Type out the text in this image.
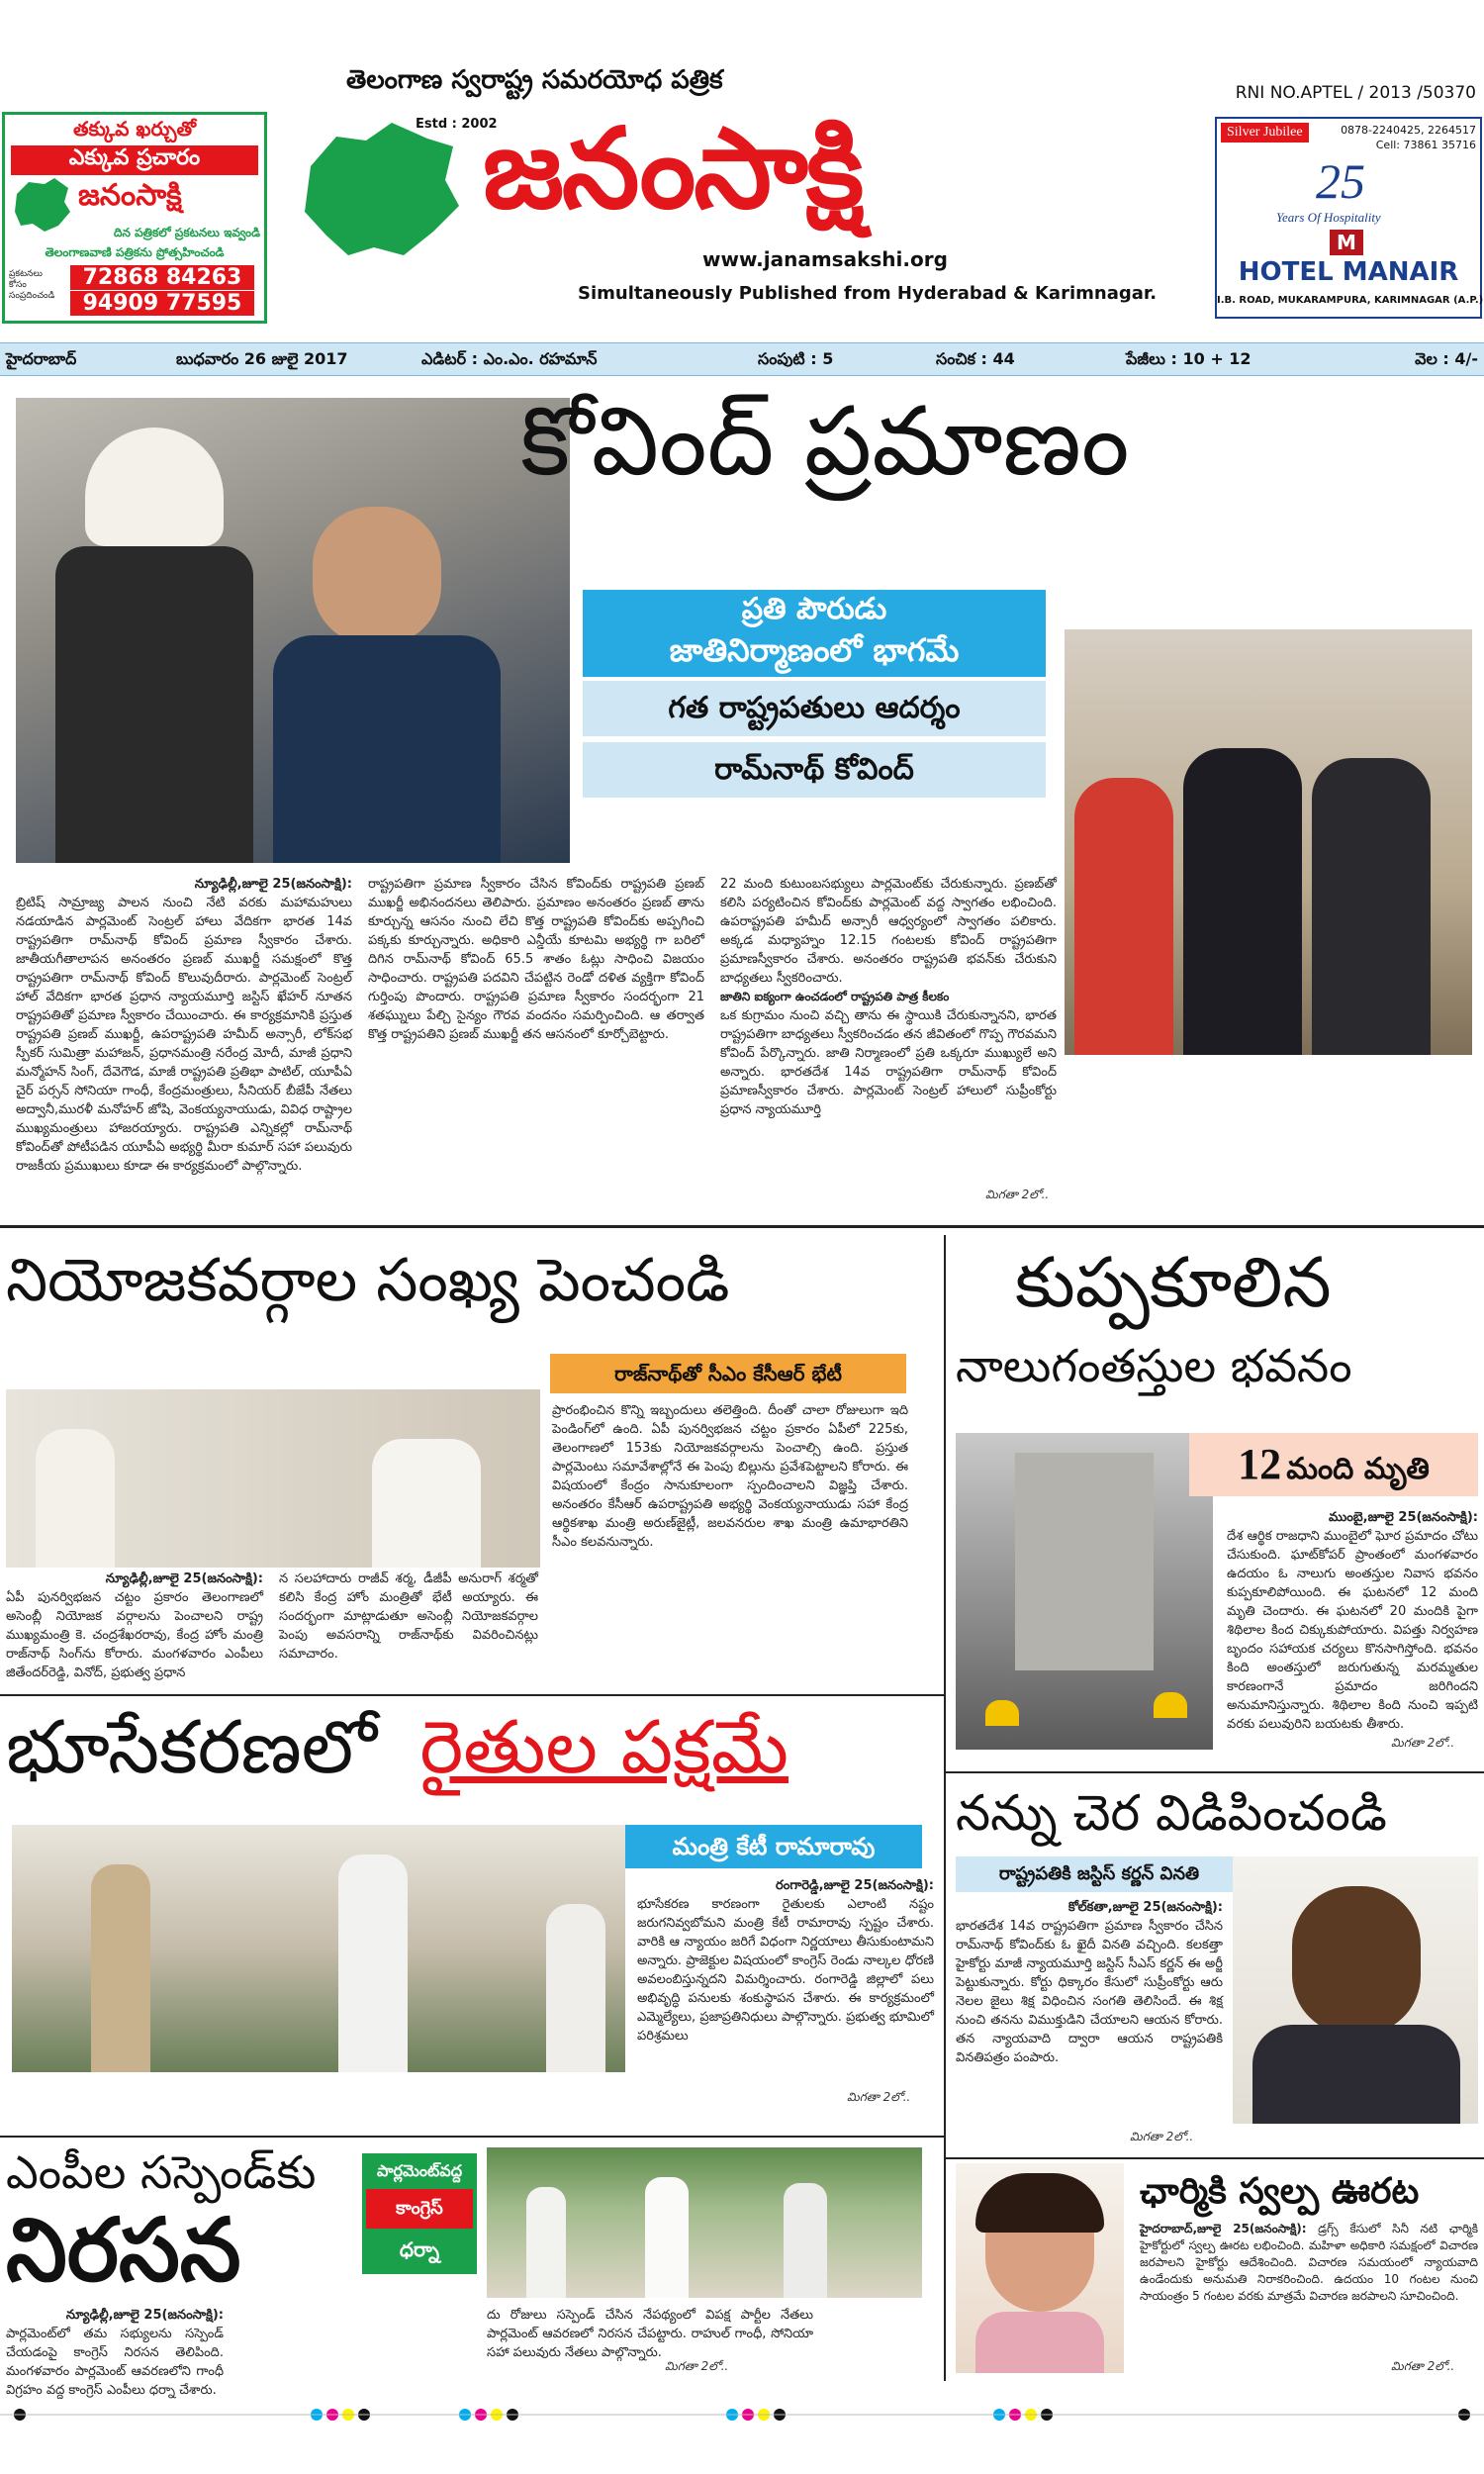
తక్కువ ఖర్చుతో
ఎక్కువ ప్రచారం
జనంసాక్షి
దిన పత్రికలో ప్రకటనలు ఇవ్వండి
తెలంగాణవాణి పత్రికను ప్రోత్సహించండి
ప్రకటనలు
కోసం సంప్రదించండి
72868 84263
94909 77595
తెలంగాణ స్వరాష్ట్ర సమరయోధ పత్రిక
Estd : 2002
జనంసాక్షి
www.janamsakshi.org
Simultaneously Published from Hyderabad & Karimnagar.
RNI NO.APTEL / 2013 /50370
0878-2240425, 2264517
Cell: 73861 35716
Silver Jubilee
25
Years Of Hospitality
M
HOTEL MANAIR
I.B. ROAD, MUKARAMPURA, KARIMNAGAR (A.P.)
హైదరాబాద్	బుధవారం 26 జులై 2017	ఎడిటర్ : ఎం.ఎం. రహమాన్	సంపుటి : 5	సంచిక : 44	పేజీలు : 10 + 12	వెల : 4/-
కోవింద్ ప్రమాణం
ప్రతి పౌరుడు
జాతినిర్మాణంలో భాగమే
గత రాష్ట్రపతులు ఆదర్శం
రామ్‌నాథ్ కోవింద్
న్యూఢిల్లీ,జూలై 25(జనంసాక్షి):
బ్రిటిష్ సామ్రాజ్య పాలన నుంచి నేటి వరకు మహామహులు నడయాడిన పార్లమెంట్ సెంట్రల్ హాలు వేదికగా భారత 14వ రాష్ట్రపతిగా రామ్‌నాథ్ కోవింద్ ప్రమాణ స్వీకారం చేశారు. జాతీయగీతాలాపన అనంతరం ప్రణబ్ ముఖర్జీ సమక్షంలో కొత్త రాష్ట్రపతిగా రామ్‌నాథ్ కోవింద్ కొలువుదీరారు. పార్లమెంట్ సెంట్రల్ హాల్ వేదికగా భారత ప్రధాన న్యాయమూర్తి జస్టిస్ ఖేహర్ నూతన రాష్ట్రపతితో ప్రమాణ స్వీకారం చేయించారు. ఈ కార్యక్రమానికి ప్రస్తుత రాష్ట్రపతి ప్రణబ్ ముఖర్జీ, ఉపరాష్ట్రపతి హమీద్ అన్సారీ, లోక్‌సభ స్పీకర్ సుమిత్రా మహాజన్, ప్రధానమంత్రి నరేంద్ర మోదీ, మాజీ ప్రధాని మన్మోహన్ సింగ్, దేవెగౌడ, మాజీ రాష్ట్రపతి ప్రతిభా పాటిల్, యూపీఏ చైర్ పర్సన్ సోనియా గాంధీ, కేంద్రమంత్రులు, సీనియర్ బీజేపీ నేతలు అద్వానీ,మురళీ మనోహర్ జోషి, వెంకయ్యనాయుడు, వివిధ రాష్ట్రాల ముఖ్యమంత్రులు హాజరయ్యారు. రాష్ట్రపతి ఎన్నికల్లో రామ్‌నాథ్ కోవింద్‌తో పోటీపడిన యూపీఏ అభ్యర్థి మీరా కుమార్ సహా పలువురు రాజకీయ ప్రముఖులు కూడా ఈ కార్యక్రమంలో పాల్గొన్నారు.
రాష్ట్రపతిగా ప్రమాణ స్వీకారం చేసిన కోవింద్‌కు రాష్ట్రపతి ప్రణబ్ ముఖర్జీ అభినందనలు తెలిపారు. ప్రమాణం అనంతరం ప్రణబ్ తాను కూర్చున్న ఆసనం నుంచి లేచి కొత్త రాష్ట్రపతి కోవింద్‌కు అప్పగించి పక్కకు కూర్చున్నారు. అధికారి ఎన్డీయే కూటమి అభ్యర్థి గా బరిలో దిగిన రామ్‌నాథ్ కోవింద్ 65.5 శాతం ఓట్లు సాధించి విజయం సాధించారు. రాష్ట్రపతి పదవిని చేపట్టిన రెండో దళిత వ్యక్తిగా కోవింద్ గుర్తింపు పొందారు. రాష్ట్రపతి ప్రమాణ స్వీకారం సందర్భంగా 21 శతఘ్నులు పేల్చి సైన్యం గౌరవ వందనం సమర్పించింది. ఆ తర్వాత కొత్త రాష్ట్రపతిని ప్రణబ్ ముఖర్జీ తన ఆసనంలో కూర్చోబెట్టారు.
22 మంది కుటుంబసభ్యులు పార్లమెంట్‌కు చేరుకున్నారు. ప్రణబ్‌తో కలిసి పర్యటించిన కోవింద్‌కు పార్లమెంట్ వద్ద స్వాగతం లభించింది. ఉపరాష్ట్రపతి హమీద్ అన్సారీ ఆధ్వర్యంలో స్వాగతం పలికారు. అక్కడ మధ్యాహ్నం 12.15 గంటలకు కోవింద్ రాష్ట్రపతిగా ప్రమాణస్వీకారం చేశారు. అనంతరం రాష్ట్రపతి భవన్‌కు చేరుకుని బాధ్యతలు స్వీకరించారు.
జాతిని ఐక్యంగా ఉంచడంలో రాష్ట్రపతి పాత్ర కీలకం
ఒక కుగ్రామం నుంచి వచ్చి తాను ఈ స్థాయికి చేరుకున్నానని, భారత రాష్ట్రపతిగా బాధ్యతలు స్వీకరించడం తన జీవితంలో గొప్ప గౌరవమని కోవింద్ పేర్కొన్నారు. జాతి నిర్మాణంలో ప్రతి ఒక్కరూ ముఖ్యులే అని అన్నారు. భారతదేశ 14వ రాష్ట్రపతిగా రామ్‌నాథ్ కోవింద్ ప్రమాణస్వీకారం చేశారు. పార్లమెంట్ సెంట్రల్ హాలులో సుప్రీంకోర్టు ప్రధాన న్యాయమూర్తి
మిగతా 2లో..
నియోజకవర్గాల సంఖ్య పెంచండి
రాజ్‌నాథ్‌తో సీఎం కేసీఆర్ భేటీ
న్యూఢిల్లీ,జూలై 25(జనంసాక్షి):
ఏపీ పునర్విభజన చట్టం ప్రకారం తెలంగాణలో అసెంబ్లీ నియోజక వర్గాలను పెంచాలని రాష్ట్ర ముఖ్యమంత్రి కె. చంద్రశేఖరరావు, కేంద్ర హోం మంత్రి రాజ్‌నాథ్ సింగ్‌ను కోరారు. మంగళవారం ఎంపీలు జితేందర్‌రెడ్డి, వినోద్, ప్రభుత్వ ప్రధాన
న సలహాదారు రాజీవ్ శర్మ, డీజీపీ అనురాగ్ శర్మతో కలిసి కేంద్ర హోం మంత్రితో భేటీ అయ్యారు. ఈ సందర్భంగా మాట్లాడుతూ అసెంబ్లీ నియోజకవర్గాల పెంపు అవసరాన్ని రాజ్‌నాథ్‌కు వివరించినట్లు సమాచారం.
ప్రారంభించిన కొన్ని ఇబ్బందులు తలెత్తింది. దీంతో చాలా రోజులుగా ఇది పెండింగ్‌లో ఉంది. ఏపీ పునర్విభజన చట్టం ప్రకారం ఏపీలో 225కు, తెలంగాణలో 153కు నియోజకవర్గాలను పెంచాల్సి ఉంది. ప్రస్తుత పార్లమెంటు సమావేశాల్లోనే ఈ పెంపు బిల్లును ప్రవేశపెట్టాలని కోరారు. ఈ విషయంలో కేంద్రం సానుకూలంగా స్పందించాలని విజ్ఞప్తి చేశారు. అనంతరం కేసీఆర్ ఉపరాష్ట్రపతి అభ్యర్థి వెంకయ్యనాయుడు సహా కేంద్ర ఆర్థికశాఖ మంత్రి అరుణ్‌జైట్లీ, జలవనరుల శాఖ మంత్రి ఉమాభారతిని సీఎం కలవనున్నారు.
కుప్పకూలిన
నాలుగంతస్తుల భవనం
12 మంది మృతి
ముంబై,జూలై 25(జనంసాక్షి):
దేశ ఆర్థిక రాజధాని ముంబైలో ఘోర ప్రమాదం చోటు చేసుకుంది. ఘాట్‌కోపర్ ప్రాంతంలో మంగళవారం ఉదయం ఓ నాలుగు అంతస్తుల నివాస భవనం కుప్పకూలిపోయింది. ఈ ఘటనలో 12 మంది మృతి చెందారు. ఈ ఘటనలో 20 మందికి పైగా శిథిలాల కింద చిక్కుకుపోయారు. విపత్తు నిర్వహణ బృందం సహాయక చర్యలు కొనసాగిస్తోంది. భవనం కింది అంతస్తులో జరుగుతున్న మరమ్మతుల కారణంగానే ప్రమాదం జరిగిందని అనుమానిస్తున్నారు. శిథిలాల కింది నుంచి ఇప్పటి వరకు పలువురిని బయటకు తీశారు.
మిగతా 2లో..
భూసేకరణలో రైతుల పక్షమే
మంత్రి కేటీ రామారావు
రంగారెడ్డి,జూలై 25(జనంసాక్షి):
భూసేకరణ కారణంగా రైతులకు ఎలాంటి నష్టం జరుగనివ్వబోమని మంత్రి కేటీ రామారావు స్పష్టం చేశారు. వారికి ఆ న్యాయం జరిగే విధంగా నిర్ణయాలు తీసుకుంటామని అన్నారు. ప్రాజెక్టుల విషయంలో కాంగ్రెస్ రెండు నాల్కల ధోరణి అవలంబిస్తున్నదని విమర్శించారు. రంగారెడ్డి జిల్లాలో పలు అభివృద్ధి పనులకు శంకుస్థాపన చేశారు. ఈ కార్యక్రమంలో ఎమ్మెల్యేలు, ప్రజాప్రతినిధులు పాల్గొన్నారు. ప్రభుత్వ భూమిలో పరిశ్రమలు
మిగతా 2లో..
నన్ను చెర విడిపించండి
రాష్ట్రపతికి జస్టిస్ కర్ణన్ వినతి
కోల్‌కతా,జూలై 25(జనంసాక్షి):
భారతదేశ 14వ రాష్ట్రపతిగా ప్రమాణ స్వీకారం చేసిన రామ్‌నాథ్ కోవింద్‌కు ఓ ఖైదీ వినతి వచ్చింది. కలకత్తా హైకోర్టు మాజీ న్యాయమూర్తి జస్టిస్ సీఎస్ కర్ణన్ ఈ అర్జీ పెట్టుకున్నారు. కోర్టు ధిక్కారం కేసులో సుప్రీంకోర్టు ఆరు నెలల జైలు శిక్ష విధించిన సంగతి తెలిసిందే. ఈ శిక్ష నుంచి తనను విముక్తుడిని చేయాలని ఆయన కోరారు. తన న్యాయవాది ద్వారా ఆయన రాష్ట్రపతికి వినతిపత్రం పంపారు.
మిగతా 2లో..
ఎంపీల సస్పెండ్‌కు
నిరసన
పార్లమెంట్‌వద్ద
కాంగ్రెస్
ధర్నా
న్యూఢిల్లీ,జూలై 25(జనంసాక్షి):
పార్లమెంట్‌లో తమ సభ్యులను సస్పెండ్ చేయడంపై కాంగ్రెస్ నిరసన తెలిపింది. మంగళవారం పార్లమెంట్ ఆవరణలోని గాంధీ విగ్రహం వద్ద కాంగ్రెస్ ఎంపీలు ధర్నా చేశారు.
దు రోజులు సస్పెండ్ చేసిన నేపథ్యంలో విపక్ష పార్టీల నేతలు పార్లమెంట్ ఆవరణలో నిరసన చేపట్టారు. రాహుల్ గాంధీ, సోనియా సహా పలువురు నేతలు పాల్గొన్నారు.
మిగతా 2లో..
ఛార్మికి స్వల్ప ఊరట
హైదరాబాద్,జూలై 25(జనంసాక్షి): డ్రగ్స్ కేసులో సినీ నటి ఛార్మికి హైకోర్టులో స్వల్ప ఊరట లభించింది. మహిళా అధికారి సమక్షంలో విచారణ జరపాలని హైకోర్టు ఆదేశించింది. విచారణ సమయంలో న్యాయవాది ఉండేందుకు అనుమతి నిరాకరించింది. ఉదయం 10 గంటల నుంచి సాయంత్రం 5 గంటల వరకు మాత్రమే విచారణ జరపాలని సూచించింది.
మిగతా 2లో..
